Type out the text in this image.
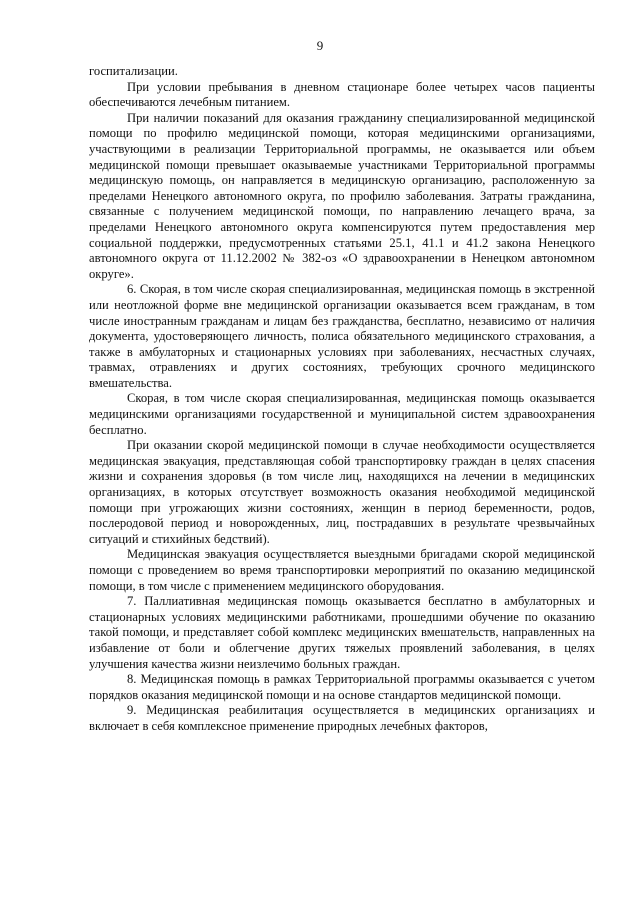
9

госпитализации.

При условии пребывания в дневном стационаре более четырех часов пациенты обеспечиваются лечебным питанием.

При наличии показаний для оказания гражданину специализированной медицинской помощи по профилю медицинской помощи, которая медицинскими организациями, участвующими в реализации Территориальной программы, не оказывается или объем медицинской помощи превышает оказываемые участниками Территориальной программы медицинскую помощь, он направляется в медицинскую организацию, расположенную за пределами Ненецкого автономного округа, по профилю заболевания. Затраты гражданина, связанные с получением медицинской помощи, по направлению лечащего врача, за пределами Ненецкого автономного округа компенсируются путем предоставления мер социальной поддержки, предусмотренных статьями 25.1, 41.1 и 41.2 закона Ненецкого автономного округа от 11.12.2002 № 382-оз «О здравоохранении в Ненецком автономном округе».

6. Скорая, в том числе скорая специализированная, медицинская помощь в экстренной или неотложной форме вне медицинской организации оказывается всем гражданам, в том числе иностранным гражданам и лицам без гражданства, бесплатно, независимо от наличия документа, удостоверяющего личность, полиса обязательного медицинского страхования, а также в амбулаторных и стационарных условиях при заболеваниях, несчастных случаях, травмах, отравлениях и других состояниях, требующих срочного медицинского вмешательства.

Скорая, в том числе скорая специализированная, медицинская помощь оказывается медицинскими организациями государственной и муниципальной систем здравоохранения бесплатно.

При оказании скорой медицинской помощи в случае необходимости осуществляется медицинская эвакуация, представляющая собой транспортировку граждан в целях спасения жизни и сохранения здоровья (в том числе лиц, находящихся на лечении в медицинских организациях, в которых отсутствует возможность оказания необходимой медицинской помощи при угрожающих жизни состояниях, женщин в период беременности, родов, послеродовой период и новорожденных, лиц, пострадавших в результате чрезвычайных ситуаций и стихийных бедствий).

Медицинская эвакуация осуществляется выездными бригадами скорой медицинской помощи с проведением во время транспортировки мероприятий по оказанию медицинской помощи, в том числе с применением медицинского оборудования.

7. Паллиативная медицинская помощь оказывается бесплатно в амбулаторных и стационарных условиях медицинскими работниками, прошедшими обучение по оказанию такой помощи, и представляет собой комплекс медицинских вмешательств, направленных на избавление от боли и облегчение других тяжелых проявлений заболевания, в целях улучшения качества жизни неизлечимо больных граждан.

8. Медицинская помощь в рамках Территориальной программы оказывается с учетом порядков оказания медицинской помощи и на основе стандартов медицинской помощи.

9. Медицинская реабилитация осуществляется в медицинских организациях и включает в себя комплексное применение природных лечебных факторов,
